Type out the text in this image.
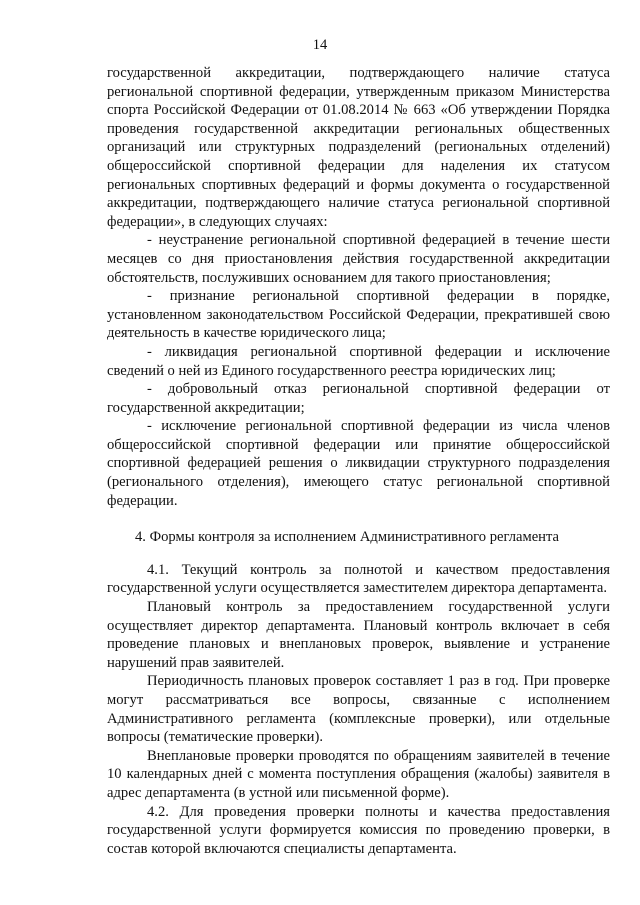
14

государственной аккредитации, подтверждающего наличие статуса региональной спортивной федерации, утвержденным приказом Министерства спорта Российской Федерации от 01.08.2014 № 663 «Об утверждении Порядка проведения государственной аккредитации региональных общественных организаций или структурных подразделений (региональных отделений) общероссийской спортивной федерации для наделения их статусом региональных спортивных федераций и формы документа о государственной аккредитации, подтверждающего наличие статуса региональной спортивной федерации», в следующих случаях:

- неустранение региональной спортивной федерацией в течение шести месяцев со дня приостановления действия государственной аккредитации обстоятельств, послуживших основанием для такого приостановления;

- признание региональной спортивной федерации в порядке, установленном законодательством Российской Федерации, прекратившей свою деятельность в качестве юридического лица;

- ликвидация региональной спортивной федерации и исключение сведений о ней из Единого государственного реестра юридических лиц;

- добровольный отказ региональной спортивной федерации от государственной аккредитации;

- исключение региональной спортивной федерации из числа членов общероссийской спортивной федерации или принятие общероссийской спортивной федерацией решения о ликвидации структурного подразделения (регионального отделения), имеющего статус региональной спортивной федерации.

4. Формы контроля за исполнением Административного регламента

4.1. Текущий контроль за полнотой и качеством предоставления государственной услуги осуществляется заместителем директора департамента.

Плановый контроль за предоставлением государственной услуги осуществляет директор департамента. Плановый контроль включает в себя проведение плановых и внеплановых проверок, выявление и устранение нарушений прав заявителей.

Периодичность плановых проверок составляет 1 раз в год. При проверке могут рассматриваться все вопросы, связанные с исполнением Административного регламента (комплексные проверки), или отдельные вопросы (тематические проверки).

Внеплановые проверки проводятся по обращениям заявителей в течение 10 календарных дней с момента поступления обращения (жалобы) заявителя в адрес департамента (в устной или письменной форме).

4.2. Для проведения проверки полноты и качества предоставления государственной услуги формируется комиссия по проведению проверки, в состав которой включаются специалисты департамента.
